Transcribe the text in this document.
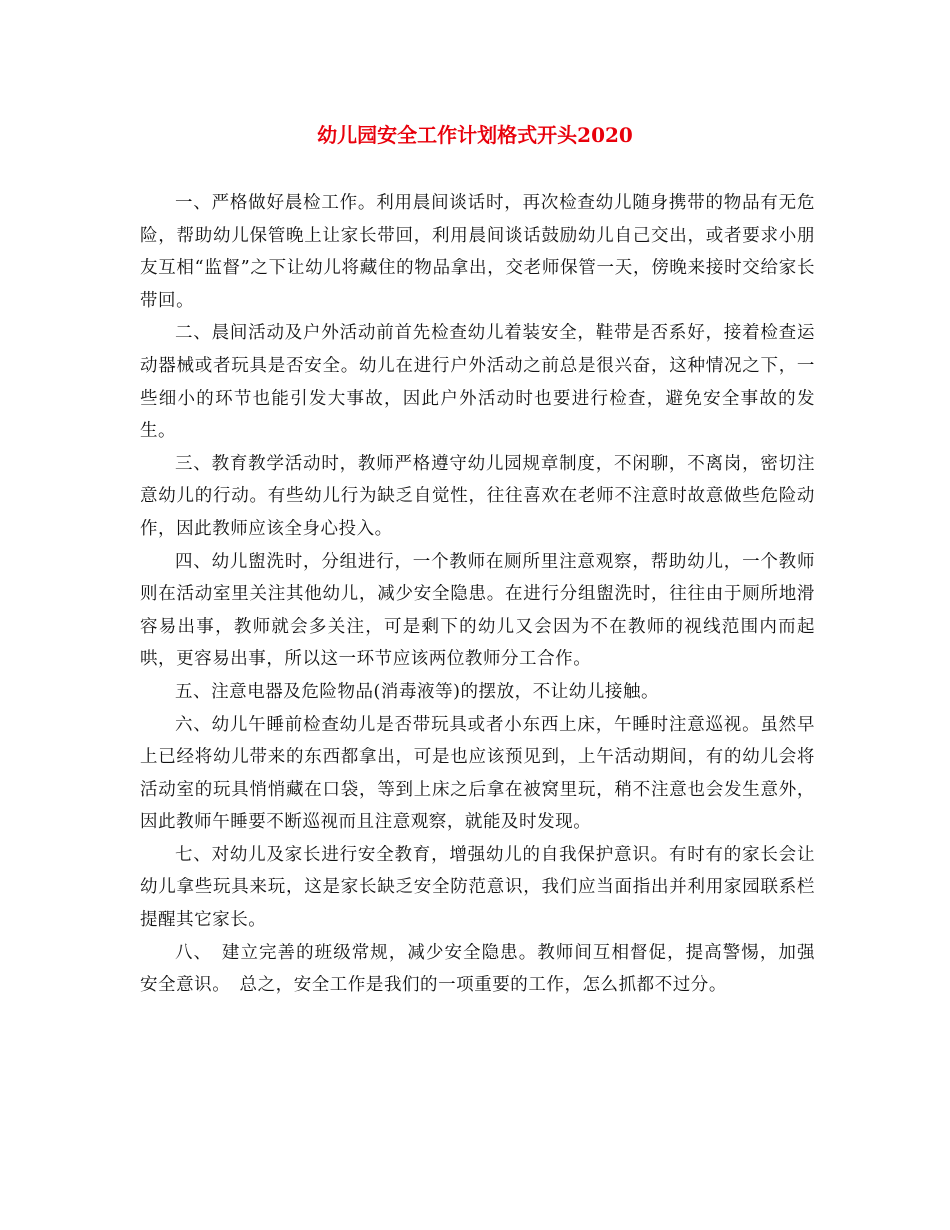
幼儿园安全工作计划格式开头2020

一、严格做好晨检工作。利用晨间谈话时，再次检查幼儿随身携带的物品有无危险，帮助幼儿保管晚上让家长带回，利用晨间谈话鼓励幼儿自己交出，或者要求小朋友互相“监督”之下让幼儿将藏住的物品拿出，交老师保管一天，傍晚来接时交给家长带回。

二、晨间活动及户外活动前首先检查幼儿着装安全，鞋带是否系好，接着检查运动器械或者玩具是否安全。幼儿在进行户外活动之前总是很兴奋，这种情况之下，一些细小的环节也能引发大事故，因此户外活动时也要进行检查，避免安全事故的发生。

三、教育教学活动时，教师严格遵守幼儿园规章制度，不闲聊，不离岗，密切注意幼儿的行动。有些幼儿行为缺乏自觉性，往往喜欢在老师不注意时故意做些危险动作，因此教师应该全身心投入。

四、幼儿盥洗时，分组进行，一个教师在厕所里注意观察，帮助幼儿，一个教师则在活动室里关注其他幼儿，减少安全隐患。在进行分组盥洗时，往往由于厕所地滑容易出事，教师就会多关注，可是剩下的幼儿又会因为不在教师的视线范围内而起哄，更容易出事，所以这一环节应该两位教师分工合作。

五、注意电器及危险物品(消毒液等)的摆放，不让幼儿接触。

六、幼儿午睡前检查幼儿是否带玩具或者小东西上床，午睡时注意巡视。虽然早上已经将幼儿带来的东西都拿出，可是也应该预见到，上午活动期间，有的幼儿会将活动室的玩具悄悄藏在口袋，等到上床之后拿在被窝里玩，稍不注意也会发生意外，因此教师午睡要不断巡视而且注意观察，就能及时发现。

七、对幼儿及家长进行安全教育，增强幼儿的自我保护意识。有时有的家长会让幼儿拿些玩具来玩，这是家长缺乏安全防范意识，我们应当面指出并利用家园联系栏提醒其它家长。

八、　建立完善的班级常规，减少安全隐患。教师间互相督促，提高警惕，加强安全意识。　总之，安全工作是我们的一项重要的工作，怎么抓都不过分。
